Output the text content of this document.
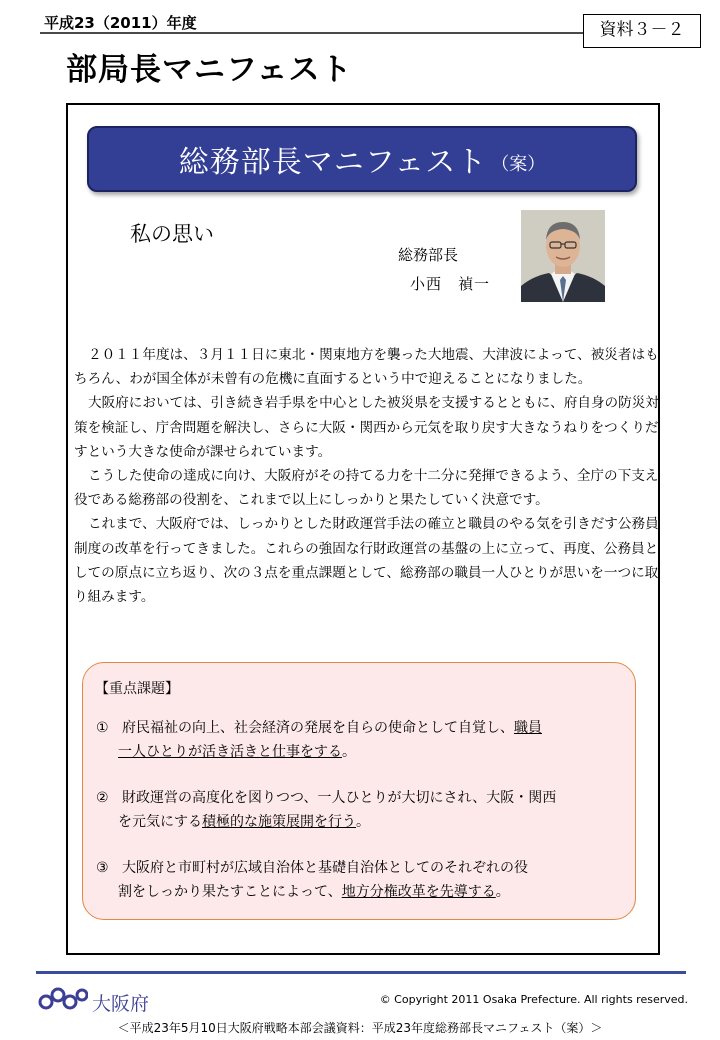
平成23（2011）年度
部局長マニフェスト
資料３－２
総務部長マニフェスト （案）
私の思い
総務部長
小西　禎一

２０１１年度は、３月１１日に東北・関東地方を襲った大地震、大津波によって、被災者はもちろん、わが国全体が未曾有の危機に直面するという中で迎えることになりました。

大阪府においては、引き続き岩手県を中心とした被災県を支援するとともに、府自身の防災対策を検証し、庁舎問題を解決し、さらに大阪・関西から元気を取り戻す大きなうねりをつくりだすという大きな使命が課せられています。

こうした使命の達成に向け、大阪府がその持てる力を十二分に発揮できるよう、全庁の下支え役である総務部の役割を、これまで以上にしっかりと果たしていく決意です。

これまで、大阪府では、しっかりとした財政運営手法の確立と職員のやる気を引きだす公務員制度の改革を行ってきました。これらの強固な行財政運営の基盤の上に立って、再度、公務員としての原点に立ち返り、次の３点を重点課題として、総務部の職員一人ひとりが思いを一つに取り組みます。

【重点課題】
① 府民福祉の向上、社会経済の発展を自らの使命として自覚し、職員
一人ひとりが活き活きと仕事をする。
② 財政運営の高度化を図りつつ、一人ひとりが大切にされ、大阪・関西
を元気にする積極的な施策展開を行う。
③ 大阪府と市町村が広域自治体と基礎自治体としてのそれぞれの役
割をしっかり果たすことによって、地方分権改革を先導する。
大阪府	© Copyright 2011 Osaka Prefecture. All rights reserved.
＜平成23年5月10日大阪府戦略本部会議資料：平成23年度総務部長マニフェスト（案）＞
